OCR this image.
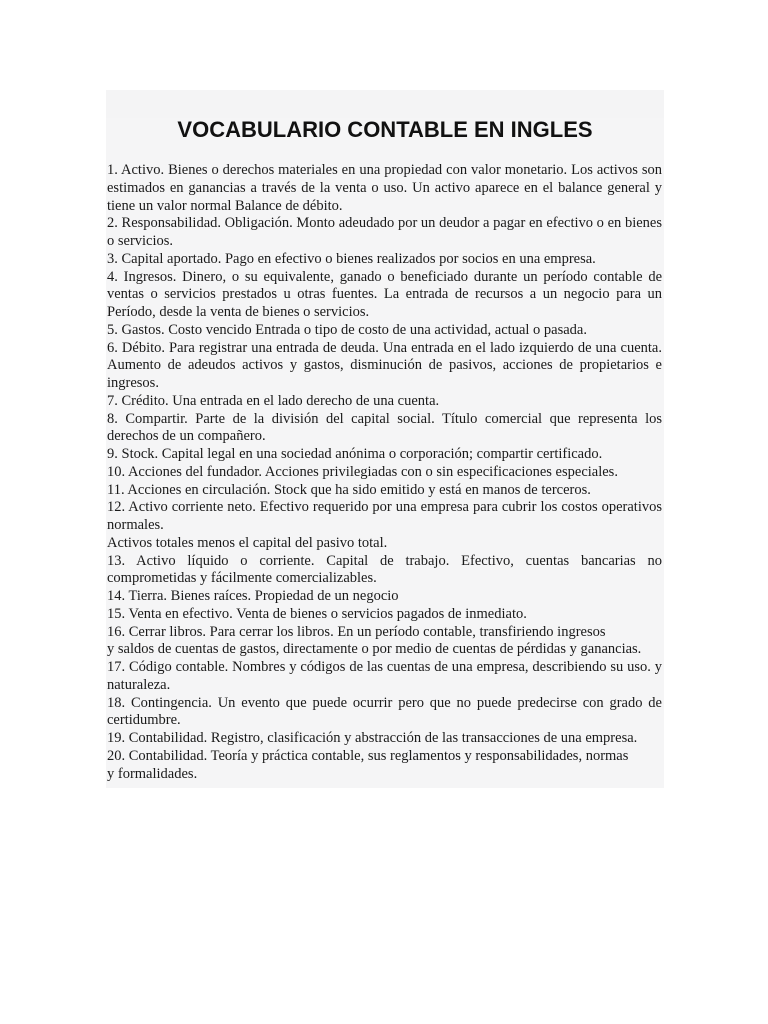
VOCABULARIO CONTABLE EN INGLES

1. Activo. Bienes o derechos materiales en una propiedad con valor monetario. Los activos son estimados en ganancias a través de la venta o uso. Un activo aparece en el balance general y tiene un valor normal Balance de débito.

2. Responsabilidad. Obligación. Monto adeudado por un deudor a pagar en efectivo o en bienes o servicios.

3. Capital aportado. Pago en efectivo o bienes realizados por socios en una empresa.

4. Ingresos. Dinero, o su equivalente, ganado o beneficiado durante un período contable de ventas o servicios prestados u otras fuentes. La entrada de recursos a un negocio para un Período, desde la venta de bienes o servicios.

5. Gastos. Costo vencido Entrada o tipo de costo de una actividad, actual o pasada.

6. Débito. Para registrar una entrada de deuda. Una entrada en el lado izquierdo de una cuenta. Aumento de adeudos activos y gastos, disminución de pasivos, acciones de propietarios e ingresos.

7. Crédito. Una entrada en el lado derecho de una cuenta.

8. Compartir. Parte de la división del capital social. Título comercial que representa los derechos de un compañero.

9. Stock. Capital legal en una sociedad anónima o corporación; compartir certificado.

10. Acciones del fundador. Acciones privilegiadas con o sin especificaciones especiales.

11. Acciones en circulación. Stock que ha sido emitido y está en manos de terceros.

12. Activo corriente neto. Efectivo requerido por una empresa para cubrir los costos operativos normales.

Activos totales menos el capital del pasivo total.

13. Activo líquido o corriente. Capital de trabajo. Efectivo, cuentas bancarias no comprometidas y fácilmente comercializables.

14. Tierra. Bienes raíces. Propiedad de un negocio

15. Venta en efectivo. Venta de bienes o servicios pagados de inmediato.

16. Cerrar libros. Para cerrar los libros. En un período contable, transfiriendo ingresos

y saldos de cuentas de gastos, directamente o por medio de cuentas de pérdidas y ganancias.

17. Código contable. Nombres y códigos de las cuentas de una empresa, describiendo su uso. y naturaleza.

18. Contingencia. Un evento que puede ocurrir pero que no puede predecirse con grado de certidumbre.

19. Contabilidad. Registro, clasificación y abstracción de las transacciones de una empresa.

20. Contabilidad. Teoría y práctica contable, sus reglamentos y responsabilidades, normas

y formalidades.
